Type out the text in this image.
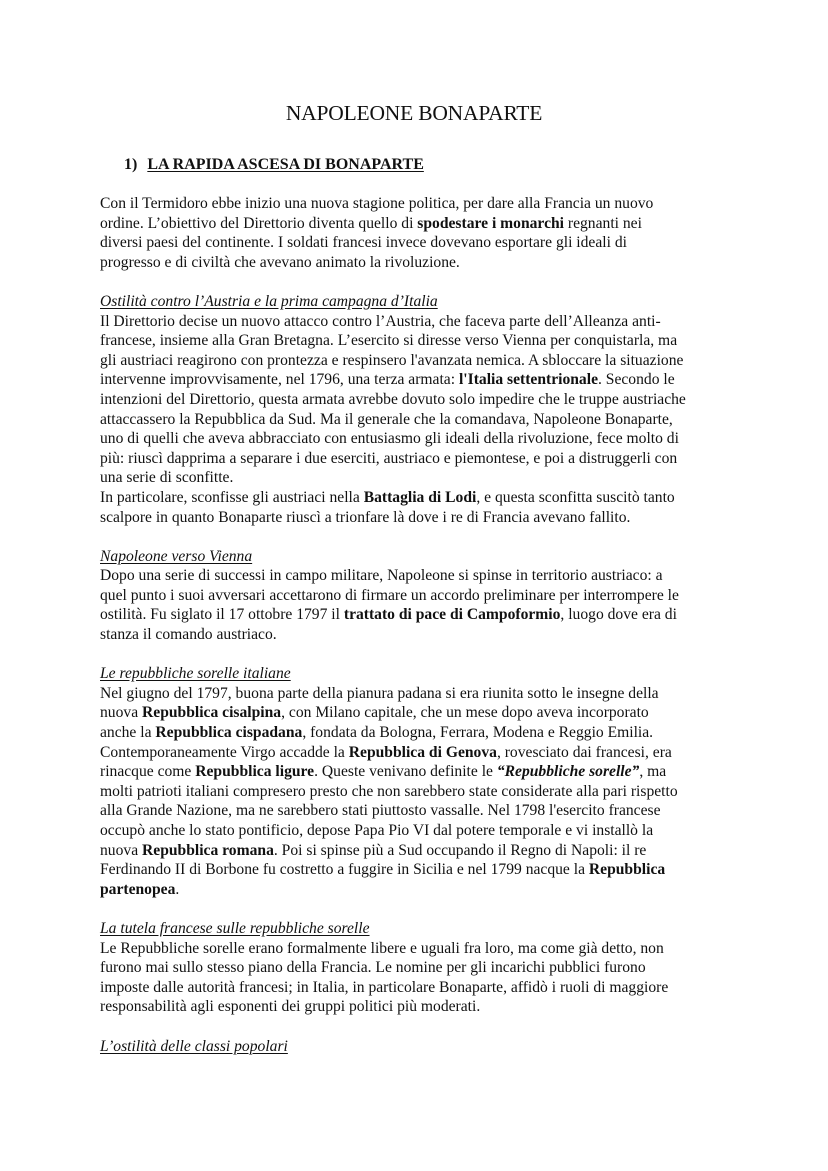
NAPOLEONE BONAPARTE
1) LA RAPIDA ASCESA DI BONAPARTE

Con il Termidoro ebbe inizio una nuova stagione politica, per dare alla Francia un nuovo
ordine. L’obiettivo del Direttorio diventa quello di spodestare i monarchi regnanti nei
diversi paesi del continente. I soldati francesi invece dovevano esportare gli ideali di
progresso e di civiltà che avevano animato la rivoluzione.

Ostilità contro l’Austria e la prima campagna d’Italia
Il Direttorio decise un nuovo attacco contro l’Austria, che faceva parte dell’Alleanza anti-
francese, insieme alla Gran Bretagna. L’esercito si diresse verso Vienna per conquistarla, ma
gli austriaci reagirono con prontezza e respinsero l'avanzata nemica. A sbloccare la situazione
intervenne improvvisamente, nel 1796, una terza armata: l'Italia settentrionale. Secondo le
intenzioni del Direttorio, questa armata avrebbe dovuto solo impedire che le truppe austriache
attaccassero la Repubblica da Sud. Ma il generale che la comandava, Napoleone Bonaparte,
uno di quelli che aveva abbracciato con entusiasmo gli ideali della rivoluzione, fece molto di
più: riuscì dapprima a separare i due eserciti, austriaco e piemontese, e poi a distruggerli con
una serie di sconfitte.
In particolare, sconfisse gli austriaci nella Battaglia di Lodi, e questa sconfitta suscitò tanto
scalpore in quanto Bonaparte riuscì a trionfare là dove i re di Francia avevano fallito.
Napoleone verso Vienna
Dopo una serie di successi in campo militare, Napoleone si spinse in territorio austriaco: a
quel punto i suoi avversari accettarono di firmare un accordo preliminare per interrompere le
ostilità. Fu siglato il 17 ottobre 1797 il trattato di pace di Campoformio, luogo dove era di
stanza il comando austriaco.
Le repubbliche sorelle italiane
Nel giugno del 1797, buona parte della pianura padana si era riunita sotto le insegne della
nuova Repubblica cisalpina, con Milano capitale, che un mese dopo aveva incorporato
anche la Repubblica cispadana, fondata da Bologna, Ferrara, Modena e Reggio Emilia.
Contemporaneamente Virgo accadde la Repubblica di Genova, rovesciato dai francesi, era
rinacque come Repubblica ligure. Queste venivano definite le “Repubbliche sorelle”, ma
molti patrioti italiani compresero presto che non sarebbero state considerate alla pari rispetto
alla Grande Nazione, ma ne sarebbero stati piuttosto vassalle. Nel 1798 l'esercito francese
occupò anche lo stato pontificio, depose Papa Pio VI dal potere temporale e vi installò la
nuova Repubblica romana. Poi si spinse più a Sud occupando il Regno di Napoli: il re
Ferdinando II di Borbone fu costretto a fuggire in Sicilia e nel 1799 nacque la Repubblica
partenopea.
La tutela francese sulle repubbliche sorelle
Le Repubbliche sorelle erano formalmente libere e uguali fra loro, ma come già detto, non
furono mai sullo stesso piano della Francia. Le nomine per gli incarichi pubblici furono
imposte dalle autorità francesi; in Italia, in particolare Bonaparte, affidò i ruoli di maggiore
responsabilità agli esponenti dei gruppi politici più moderati.
L’ostilità delle classi popolari
